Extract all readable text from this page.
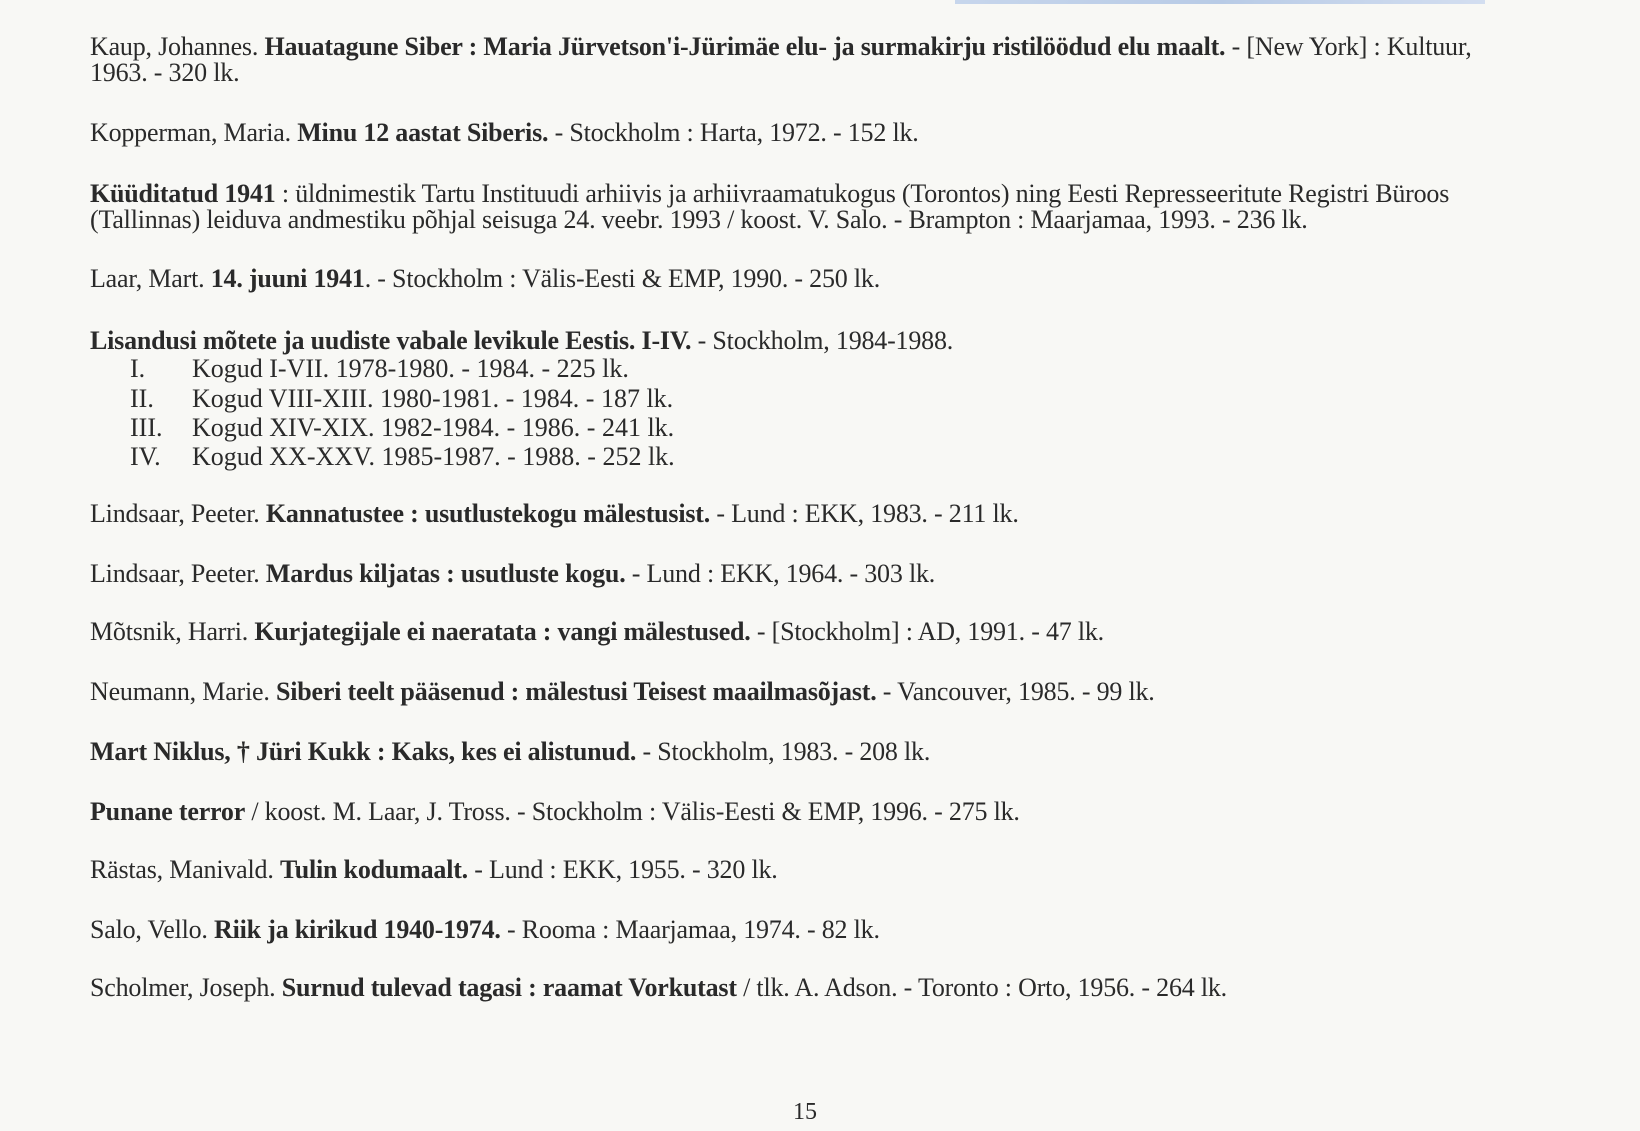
Kaup, Johannes. Hauatagune Siber : Maria Jürvetson'i-Jürimäe elu- ja surmakirju ristilöödud elu maalt. - [New York] : Kultuur,
1963. - 320 lk.
Kopperman, Maria. Minu 12 aastat Siberis. - Stockholm : Harta, 1972. - 152 lk.
Küüditatud 1941 : üldnimestik Tartu Instituudi arhiivis ja arhiivraamatukogus (Torontos) ning Eesti Represseeritute Registri Büroos
(Tallinnas) leiduva andmestiku põhjal seisuga 24. veebr. 1993 / koost. V. Salo. - Brampton : Maarjamaa, 1993. - 236 lk.
Laar, Mart. 14. juuni 1941. - Stockholm : Välis-Eesti & EMP, 1990. - 250 lk.
Lisandusi mõtete ja uudiste vabale levikule Eestis. I-IV. - Stockholm, 1984-1988.
I. Kogud I-VII. 1978-1980. - 1984. - 225 lk.
II. Kogud VIII-XIII. 1980-1981. - 1984. - 187 lk.
III. Kogud XIV-XIX. 1982-1984. - 1986. - 241 lk.
IV. Kogud XX-XXV. 1985-1987. - 1988. - 252 lk.
Lindsaar, Peeter. Kannatustee : usutlustekogu mälestusist. - Lund : EKK, 1983. - 211 lk.
Lindsaar, Peeter. Mardus kiljatas : usutluste kogu. - Lund : EKK, 1964. - 303 lk.
Mõtsnik, Harri. Kurjategijale ei naeratata : vangi mälestused. - [Stockholm] : AD, 1991. - 47 lk.
Neumann, Marie. Siberi teelt pääsenud : mälestusi Teisest maailmasõjast. - Vancouver, 1985. - 99 lk.
Mart Niklus, † Jüri Kukk : Kaks, kes ei alistunud. - Stockholm, 1983. - 208 lk.
Punane terror / koost. M. Laar, J. Tross. - Stockholm : Välis-Eesti & EMP, 1996. - 275 lk.
Rästas, Manivald. Tulin kodumaalt. - Lund : EKK, 1955. - 320 lk.
Salo, Vello. Riik ja kirikud 1940-1974. - Rooma : Maarjamaa, 1974. - 82 lk.
Scholmer, Joseph. Surnud tulevad tagasi : raamat Vorkutast / tlk. A. Adson. - Toronto : Orto, 1956. - 264 lk.
15
